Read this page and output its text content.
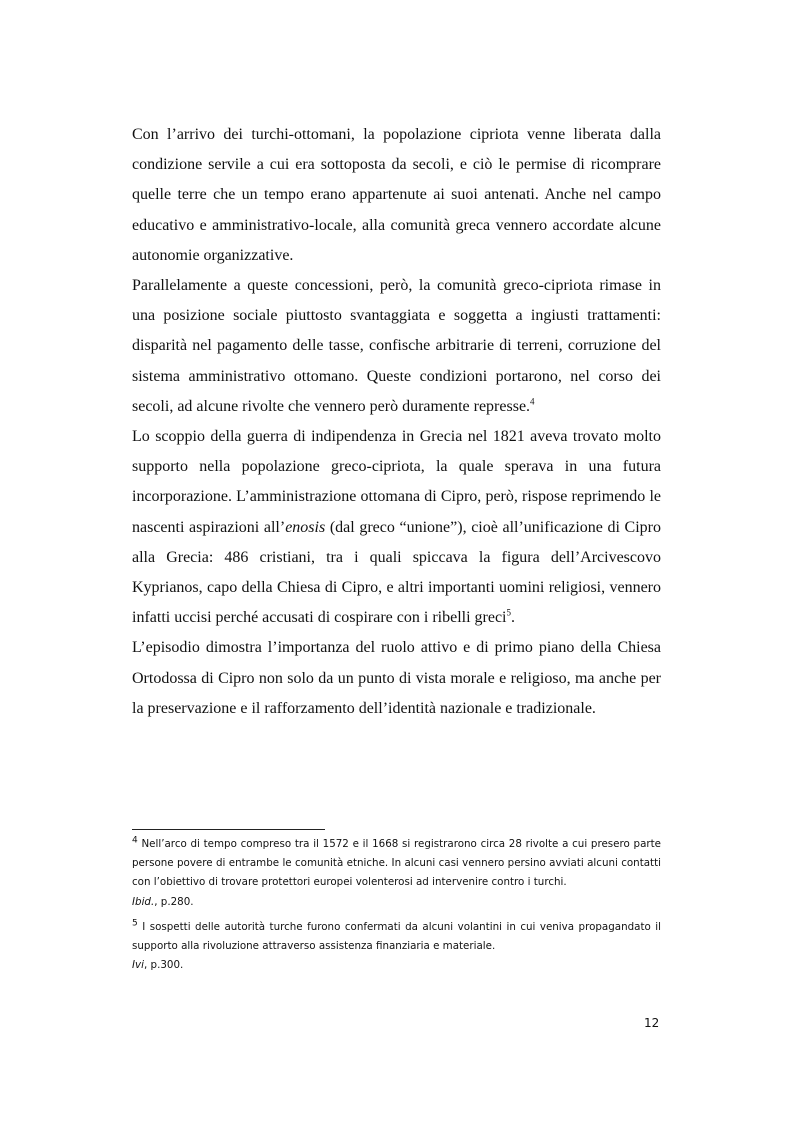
Con l’arrivo dei turchi-ottomani, la popolazione cipriota venne liberata dalla condizione servile a cui era sottoposta da secoli, e ciò le permise di ricomprare quelle terre che un tempo erano appartenute ai suoi antenati. Anche nel campo educativo e amministrativo-locale, alla comunità greca vennero accordate alcune autonomie organizzative.

Parallelamente a queste concessioni, però, la comunità greco-cipriota rimase in una posizione sociale piuttosto svantaggiata e soggetta a ingiusti trattamenti: disparità nel pagamento delle tasse, confische arbitrarie di terreni, corruzione del sistema amministrativo ottomano. Queste condizioni portarono, nel corso dei secoli, ad alcune rivolte che vennero però duramente represse.$^4$

Lo scoppio della guerra di indipendenza in Grecia nel 1821 aveva trovato molto supporto nella popolazione greco-cipriota, la quale sperava in una futura incorporazione. L’amministrazione ottomana di Cipro, però, rispose reprimendo le nascenti aspirazioni all’enosis (dal greco “unione”), cioè all’unificazione di Cipro alla Grecia: 486 cristiani, tra i quali spiccava la figura dell’Arcivescovo Kyprianos, capo della Chiesa di Cipro, e altri importanti uomini religiosi, vennero infatti uccisi perché accusati di cospirare con i ribelli greci$^5$.

L’episodio dimostra l’importanza del ruolo attivo e di primo piano della Chiesa Ortodossa di Cipro non solo da un punto di vista morale e religioso, ma anche per la preservazione e il rafforzamento dell’identità nazionale e tradizionale.

$^4$ Nell’arco di tempo compreso tra il 1572 e il 1668 si registrarono circa 28 rivolte a cui presero parte persone povere di entrambe le comunità etniche. In alcuni casi vennero persino avviati alcuni contatti con l’obiettivo di trovare protettori europei volenterosi ad intervenire contro i turchi.

Ibid., p.280.

$^5$ I sospetti delle autorità turche furono confermati da alcuni volantini in cui veniva propagandato il supporto alla rivoluzione attraverso assistenza finanziaria e materiale.

Ivi, p.300.

12
